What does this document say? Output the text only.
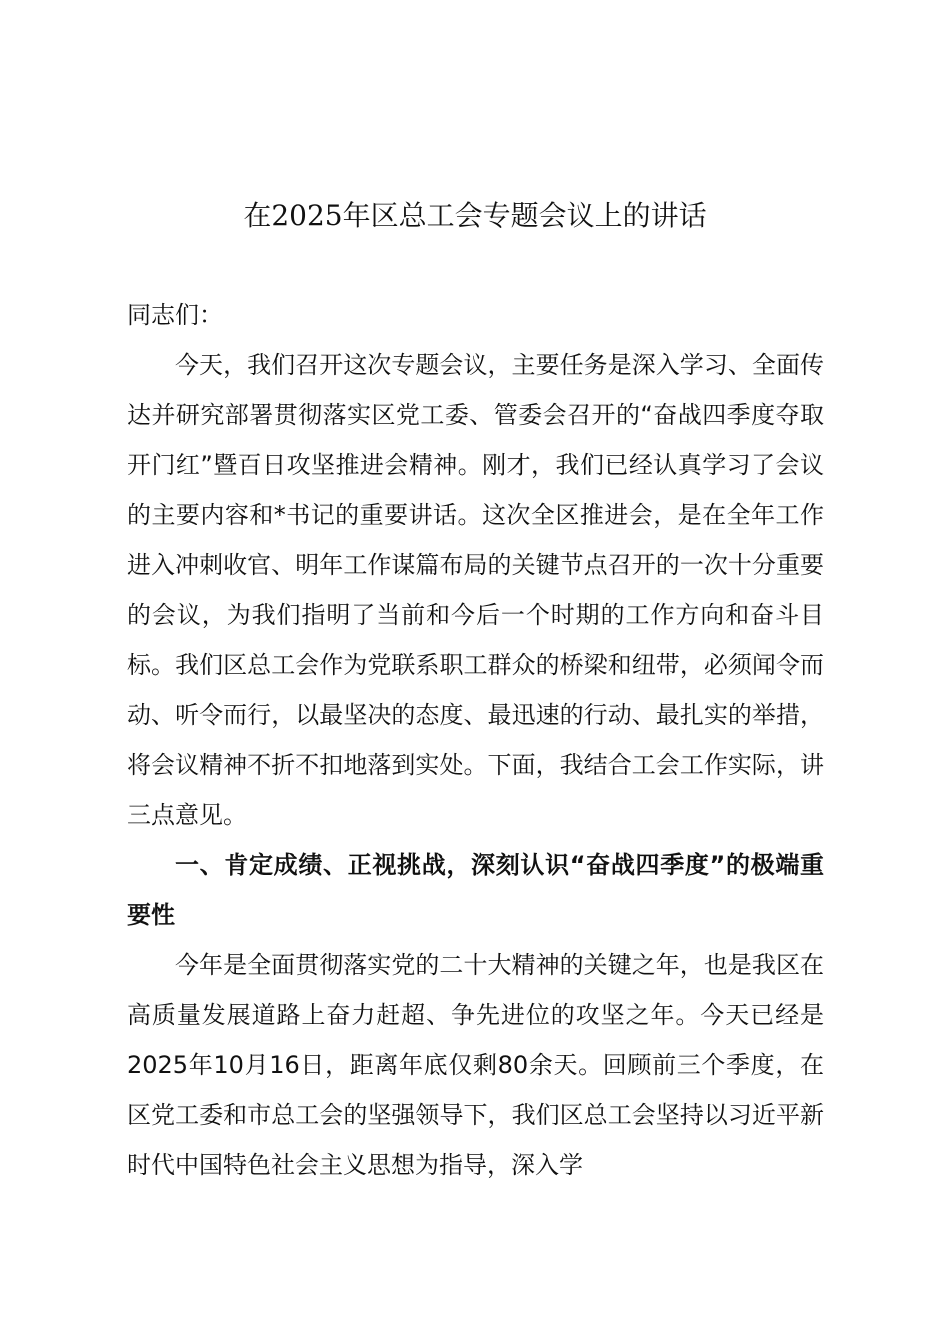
在2025年区总工会专题会议上的讲话

同志们：

今天，我们召开这次专题会议，主要任务是深入学习、全面传达并研究部署贯彻落实区党工委、管委会召开的“奋战四季度夺取开门红”暨百日攻坚推进会精神。刚才，我们已经认真学习了会议的主要内容和*书记的重要讲话。这次全区推进会，是在全年工作进入冲刺收官、明年工作谋篇布局的关键节点召开的一次十分重要的会议，为我们指明了当前和今后一个时期的工作方向和奋斗目标。我们区总工会作为党联系职工群众的桥梁和纽带，必须闻令而动、听令而行，以最坚决的态度、最迅速的行动、最扎实的举措，将会议精神不折不扣地落到实处。下面，我结合工会工作实际，讲三点意见。

一、肯定成绩、正视挑战，深刻认识“奋战四季度”的极端重要性

今年是全面贯彻落实党的二十大精神的关键之年，也是我区在高质量发展道路上奋力赶超、争先进位的攻坚之年。今天已经是2025年10月16日，距离年底仅剩80余天。回顾前三个季度，在区党工委和市总工会的坚强领导下，我们区总工会坚持以习近平新时代中国特色社会主义思想为指导，深入学
